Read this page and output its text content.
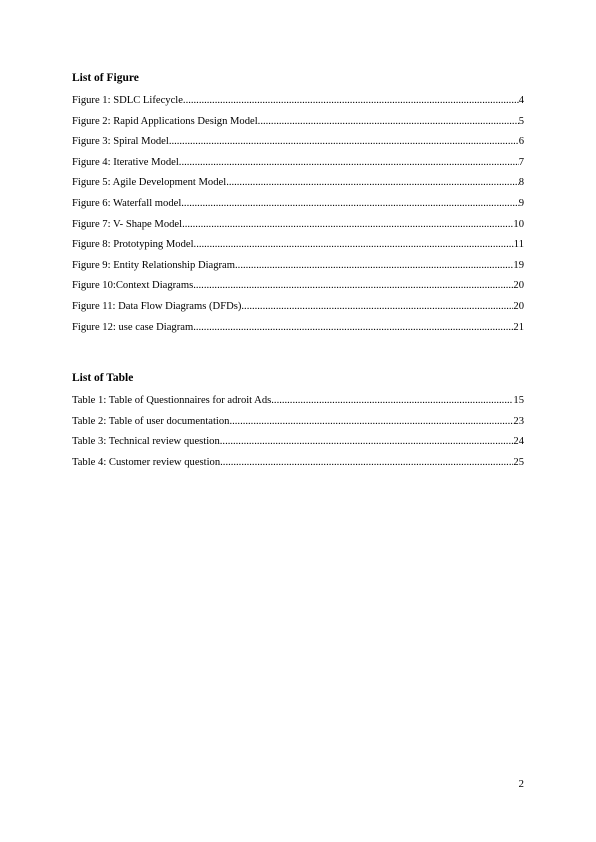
List of Figure
Figure 1: SDLC Lifecycle .....	4
Figure 2: Rapid Applications Design Model .....	5
Figure 3: Spiral Model .....	6
Figure 4: Iterative Model .....	7
Figure 5: Agile Development Model .....	8
Figure 6: Waterfall model .....	9
Figure 7: V- Shape Model .....	10
Figure 8: Prototyping Model .....	11
Figure 9: Entity Relationship Diagram .....	19
Figure 10:Context Diagrams .....	20
Figure 11: Data Flow Diagrams (DFDs) .....	20
Figure 12: use case Diagram .....	21
List of Table
Table 1: Table of Questionnaires for adroit Ads .....	15
Table 2: Table of user documentation .....	23
Table 3: Technical review question .....	24
Table 4: Customer review question .....	25
2
